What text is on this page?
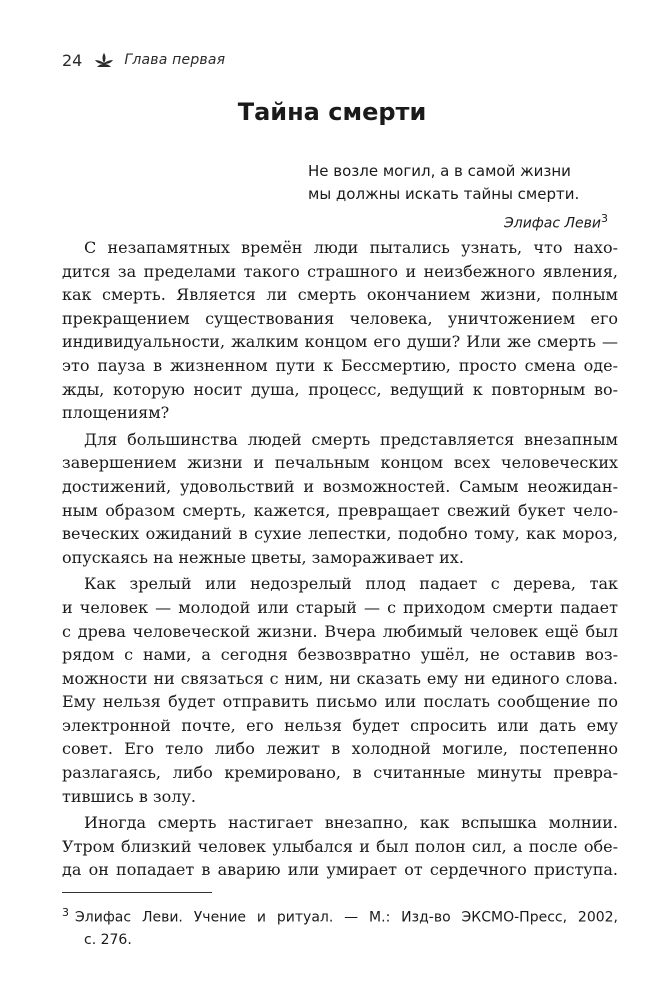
24	Глава первая
Тайна смерти
Не возле могил, а в самой жизни
мы должны искать тайны смерти.
Элифас Леви$^3$
С незапамятных времён люди пытались узнать, что нахо-
дится за пределами такого страшного и неизбежного явления,
как смерть. Является ли смерть окончанием жизни, полным
прекращением существования человека, уничтожением его
индивидуальности, жалким концом его души? Или же смерть —
это пауза в жизненном пути к Бессмертию, просто смена оде-
жды, которую носит душа, процесс, ведущий к повторным во-
площениям?
Для большинства людей смерть представляется внезапным
завершением жизни и печальным концом всех человеческих
достижений, удовольствий и возможностей. Самым неожидан-
ным образом смерть, кажется, превращает свежий букет чело-
веческих ожиданий в сухие лепестки, подобно тому, как мороз,
опускаясь на нежные цветы, замораживает их.
Как зрелый или недозрелый плод падает с дерева, так
и человек — молодой или старый — с приходом смерти падает
с древа человеческой жизни. Вчера любимый человек ещё был
рядом с нами, а сегодня безвозвратно ушёл, не оставив воз-
можности ни связаться с ним, ни сказать ему ни единого слова.
Ему нельзя будет отправить письмо или послать сообщение по
электронной почте, его нельзя будет спросить или дать ему
совет. Его тело либо лежит в холодной могиле, постепенно
разлагаясь, либо кремировано, в считанные минуты превра-
тившись в золу.
Иногда смерть настигает внезапно, как вспышка молнии.
Утром близкий человек улыбался и был полон сил, а после обе-
да он попадает в аварию или умирает от сердечного приступа.
$^3$ Элифас Леви. Учение и ритуал. — М.: Изд-во ЭКСМО-Пресс, 2002,
с. 276.
